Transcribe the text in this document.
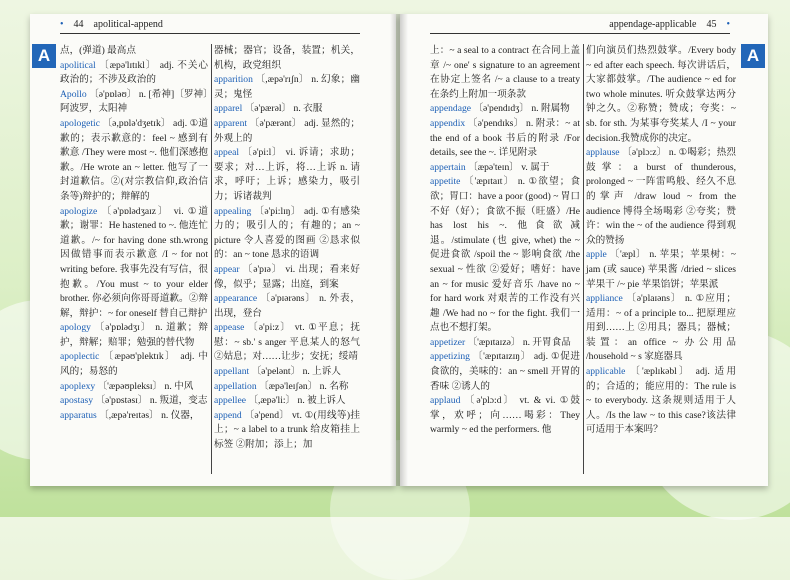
• 44 apolitical-append
A	点，(弹道) 最高点
apolitical 〔æpə'lɪtɪkl〕 adj. 不关心政治的；不涉及政治的
Apollo 〔ə'pɒləʊ〕 n. [希神]〔罗神〕阿波罗，太阳神
apologetic 〔ə,pɒlə'dʒetɪk〕 adj. ①道歉的；表示歉意的：feel ~ 感到有歉意 /They were most ~. 他们深感抱歉。/He wrote an ~ letter. 他写了一封道歉信。②(对宗教信仰,政治信条等)辩护的；辩解的
apologize 〔ə'pɒlədʒaɪz〕 vi. ①道歉；谢罪：He hastened to ~. 他连忙道歉。/~ for having done sth.wrong 因做错事而表示歉意 /I ~ for not writing before. 我事先没有写信，很抱歉。/You must ~ to your elder brother. 你必须向你哥哥道歉。②辩解，辩护：~ for oneself 替自己辩护
apology 〔ə'pɒlədʒɪ〕 n. 道歉；辩护，辩解；赔罪；勉强的替代物
apoplectic 〔æpəʊ'plektɪk〕 adj. 中风的；易怒的
apoplexy 〔'æpəʊpleksɪ〕 n. 中风
apostasy 〔ə'pɒstəsɪ〕 n. 叛道，变志
apparatus 〔,æpə'reɪtəs〕 n. 仪器，
器械；器官；设备，装置；机关，机构，政党组织
apparition 〔,æpə'rɪʃn〕 n. 幻象；幽灵；鬼怪
apparel 〔ə'pærəl〕 n. 衣服
apparent 〔ə'pærənt〕 adj. 显然的；外观上的
appeal 〔ə'pi:l〕 vi. 诉请；求助；要求；对…上诉，将…上诉 n. 请求，呼吁；上诉；感染力，吸引力；诉诸裁判
appealing 〔ə'pi:lɪŋ〕 adj. ①有感染力的；吸引人的；有趣的；an ~ picture 令人喜爱的图画 ②恳求似的：an ~ tone 恳求的语调
appear 〔ə'pɪə〕 vi. 出现；看来好像，似乎；显露；出庭，到案
appearance 〔ə'pɪərəns〕 n. 外表，出现，登台
appease 〔ə'pi:z〕 vt. ①平息；抚慰：~ sb.' s anger 平息某人的怒气 ②姑息；对……让步；安抚；绥靖
appellant 〔ə'pelənt〕 n. 上诉人
appellation 〔æpə'leɪʃən〕 n. 名称
appellee 〔,æpə'li:〕 n. 被上诉人
append 〔ə'pend〕 vt. ①(用线等)挂上；~ a label to a trunk 给皮箱挂上标签 ②附加；添上；加
appendage-applicable 45 •
A
上：~ a seal to a contract 在合同上盖章 /~ one' s signature to an agreement 在协定上签名 /~ a clause to a treaty 在条约上附加一项条款
appendage 〔ə'pendɪdʒ〕 n. 附属物
appendix 〔ə'pendɪks〕 n. 附录：~ at the end of a book 书后的附录 /For details, see the ~. 详见附录
appertain 〔æpə'teɪn〕 v. 属于
appetite 〔'æpɪtaɪt〕 n. ①欲望；食欲；胃口：have a poor (good) ~ 胃口不好（好）；食欲不振（旺盛）/He has lost his ~. 他食欲减退。/stimulate (也 give, whet) the ~ 促进食欲 /spoil the ~ 影响食欲 /the sexual ~ 性欲 ②爱好；嗜好：have an ~ for music 爱好音乐 /have no ~ for hard work 对艰苦的工作没有兴趣 /We had no ~ for the fight. 我们一点也不想打架。
appetizer 〔'æpɪtaɪzə〕 n. 开胃食品
appetizing 〔'æpɪtaɪzɪŋ〕 adj. ①促进食欲的，美味的：an ~ smell 开胃的香味 ②诱人的
applaud 〔ə'plɔ:d〕 vt. & vi. ①鼓掌，欢呼；向……喝彩：They warmly ~ ed the performers. 他
们向演员们热烈鼓掌。/Every body ~ ed after each speech. 每次讲话后，大家都鼓掌。/The audience ~ ed for two whole minutes. 听众鼓掌达两分钟之久。②称赞；赞成；夸奖：~ sb. for sth. 为某事夸奖某人 /I ~ your decision.我赞成你的决定。
applause 〔ə'plɔ:z〕 n. ①喝彩；热烈鼓掌：a burst of thunderous, prolonged ~ 一阵雷鸣般、经久不息的掌声 /draw loud ~ from the audience 博得全场喝彩 ②夸奖；赞许：win the ~ of the audience 得到观众的赞扬
apple 〔'æpl〕 n. 苹果；苹果树：~ jam (或 sauce) 苹果酱 /dried ~ slices 苹果干 /~ pie 苹果馅饼；苹果派
appliance 〔ə'plaɪəns〕 n. ①应用；适用：~ of a principle to... 把原理应用到……上 ②用具；器具；器械；装置：an office ~ 办公用品 /household ~ s 家庭器具
applicable 〔'æplɪkəbl〕 adj. 适用的；合适的；能应用的：The rule is ~ to everybody. 这条规则适用于人人。/Is the law ~ to this case?该法律可适用于本案吗？
